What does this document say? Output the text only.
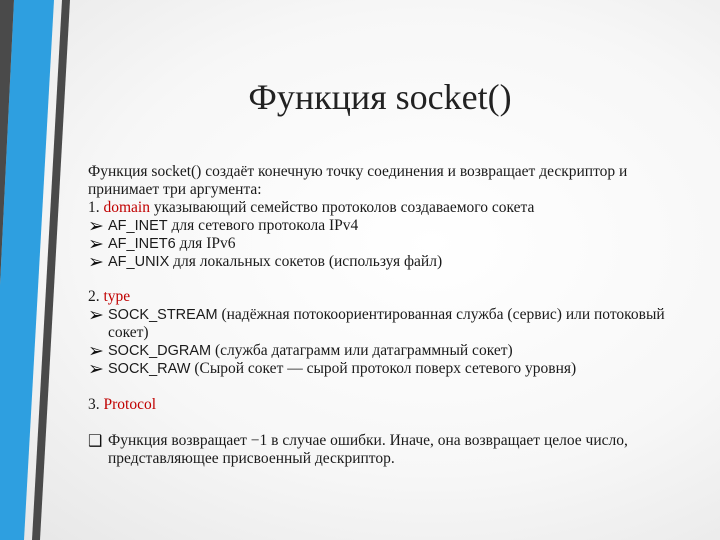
Функция socket()

Функция socket() создаёт конечную точку соединения и возвращает дескриптор и принимает три аргумента:

1. domain указывающий семейство протоколов создаваемого сокета

➢ AF_INET для сетевого протокола IPv4
➢ AF_INET6 для IPv6
➢ AF_UNIX для локальных сокетов (используя файл)

2. type

➢ SOCK_STREAM (надёжная потокоориентированная служба (сервис) или потоковый сокет)
➢ SOCK_DGRAM (служба датаграмм или датаграммный сокет)
➢ SOCK_RAW (Сырой сокет — сырой протокол поверх сетевого уровня)

3. Protocol

❑ Функция возвращает −1 в случае ошибки. Иначе, она возвращает целое число, представляющее присвоенный дескриптор.
